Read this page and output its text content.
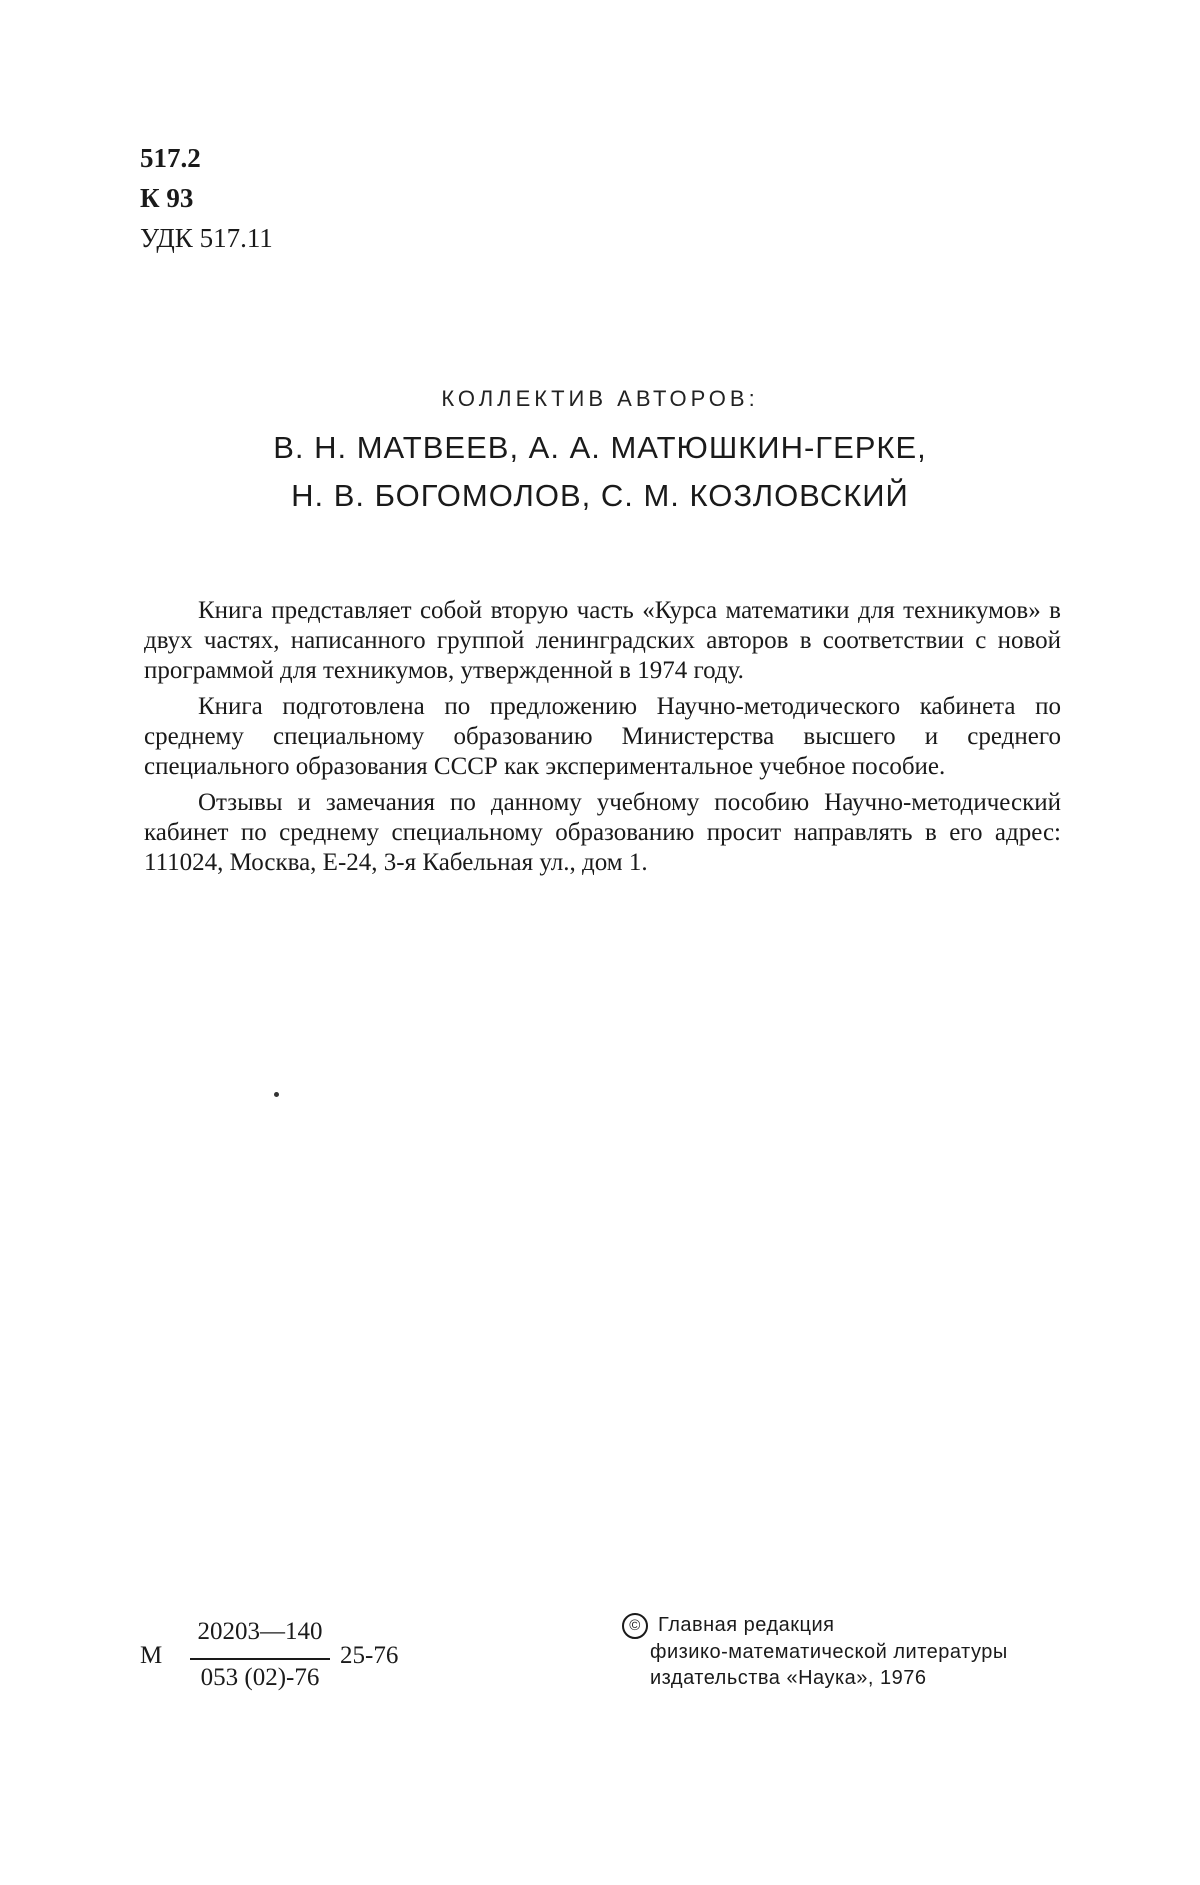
517.2
К 93
УДК 517.11
КОЛЛЕКТИВ АВТОРОВ:
В. Н. МАТВЕЕВ, А. А. МАТЮШКИН-ГЕРКЕ,
Н. В. БОГОМОЛОВ, С. М. КОЗЛОВСКИЙ

Книга представляет собой вторую часть «Курса математики для техникумов» в двух частях, написанного группой ленинградских авторов в соответствии с новой программой для техникумов, утвержденной в 1974 году.

Книга подготовлена по предложению Научно-методического кабинета по среднему специальному образованию Министерства высшего и среднего специального образования СССР как экспериментальное учебное пособие.

Отзывы и замечания по данному учебному пособию Научно-методический кабинет по среднему специальному образованию просит направлять в его адрес: 111024, Москва, Е-24, 3-я Кабельная ул., дом 1.

М
20203—140
053 (02)-76
25-76
© Главная редакция
физико-математической литературы
издательства «Наука», 1976
